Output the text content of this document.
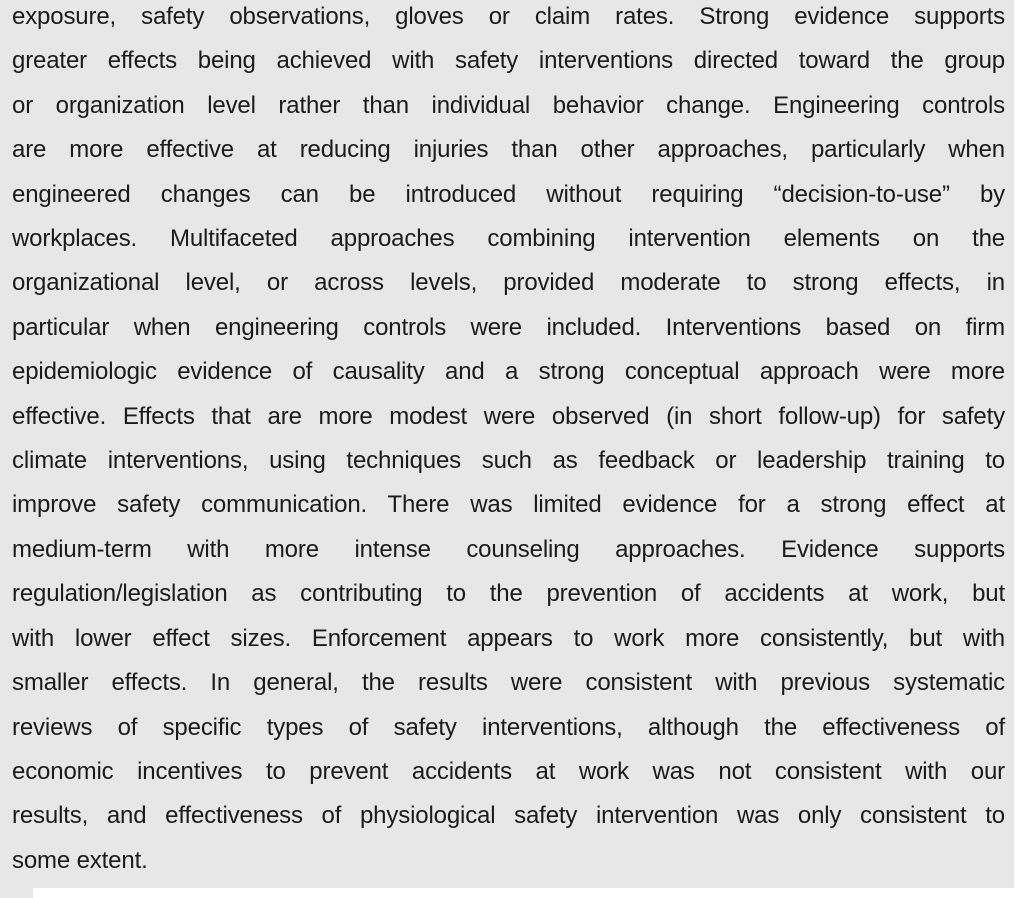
exposure, safety observations, gloves or claim rates. Strong evidence supports
greater effects being achieved with safety interventions directed toward the group
or organization level rather than individual behavior change. Engineering controls
are more effective at reducing injuries than other approaches, particularly when
engineered changes can be introduced without requiring “decision-to-use” by
workplaces. Multifaceted approaches combining intervention elements on the
organizational level, or across levels, provided moderate to strong effects, in
particular when engineering controls were included. Interventions based on firm
epidemiologic evidence of causality and a strong conceptual approach were more
effective. Effects that are more modest were observed (in short follow-up) for safety
climate interventions, using techniques such as feedback or leadership training to
improve safety communication. There was limited evidence for a strong effect at
medium-term with more intense counseling approaches. Evidence supports
regulation/legislation as contributing to the prevention of accidents at work, but
with lower effect sizes. Enforcement appears to work more consistently, but with
smaller effects. In general, the results were consistent with previous systematic
reviews of specific types of safety interventions, although the effectiveness of
economic incentives to prevent accidents at work was not consistent with our
results, and effectiveness of physiological safety intervention was only consistent to
some extent.
